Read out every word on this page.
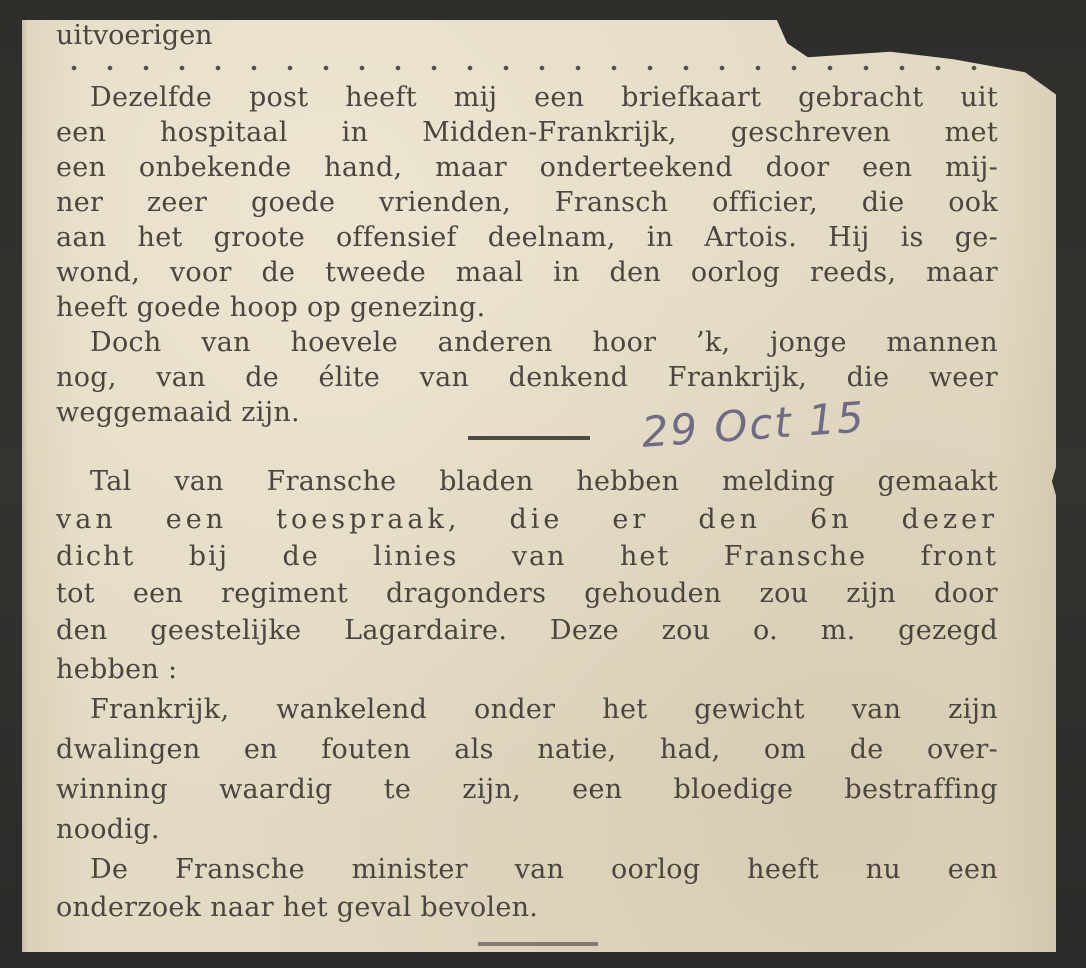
uitvoerigen
Dezelfde post heeft mij een briefkaart gebracht uit
een hospitaal in Midden-Frankrijk, geschreven met
een onbekende hand, maar onderteekend door een mij-
ner zeer goede vrienden, Fransch officier, die ook
aan het groote offensief deelnam, in Artois. Hij is ge-
wond, voor de tweede maal in den oorlog reeds, maar
heeft goede hoop op genezing.
Doch van hoevele anderen hoor ’k, jonge mannen
nog, van de élite van denkend Frankrijk, die weer
weggemaaid zijn.
Tal van Fransche bladen hebben melding gemaakt
van een toespraak, die er den 6n dezer
dicht bij de linies van het Fransche front
tot een regiment dragonders gehouden zou zijn door
den geestelijke Lagardaire. Deze zou o. m. gezegd
hebben :
Frankrijk, wankelend onder het gewicht van zijn
dwalingen en fouten als natie, had, om de over-
winning waardig te zijn, een bloedige bestraffing
noodig.
De Fransche minister van oorlog heeft nu een
onderzoek naar het geval bevolen.
29 Oct 15
